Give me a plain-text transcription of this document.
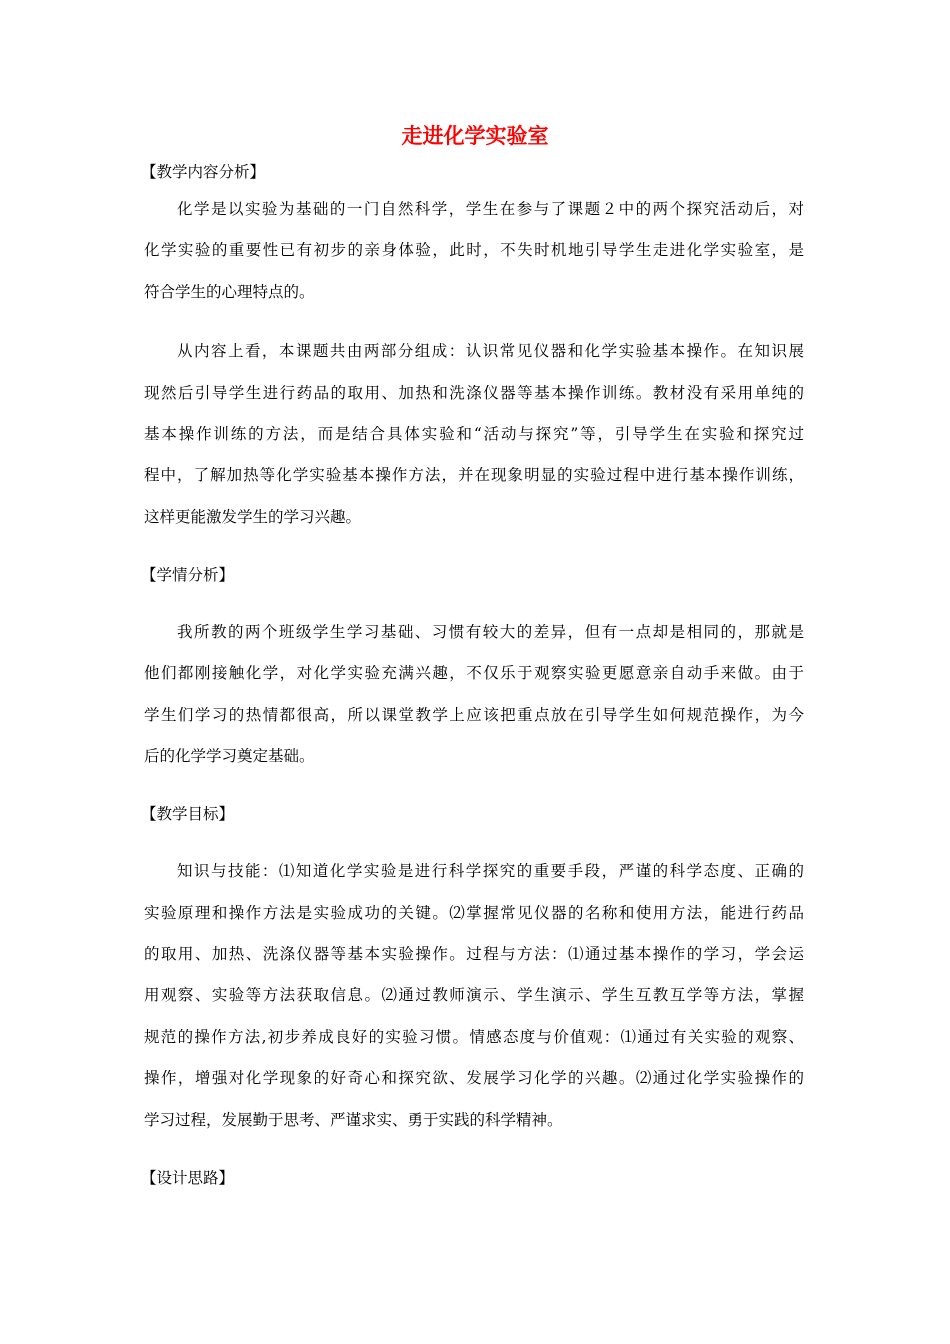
走进化学实验室
【教学内容分析】
化学是以实验为基础的一门自然科学，学生在参与了课题２中的两个探究活动后，对
化学实验的重要性已有初步的亲身体验，此时，不失时机地引导学生走进化学实验室，是
符合学生的心理特点的。
从内容上看，本课题共由两部分组成：认识常见仪器和化学实验基本操作。在知识展
现然后引导学生进行药品的取用、加热和洗涤仪器等基本操作训练。教材没有采用单纯的
基本操作训练的方法，而是结合具体实验和“活动与探究”等，引导学生在实验和探究过
程中，了解加热等化学实验基本操作方法，并在现象明显的实验过程中进行基本操作训练，
这样更能激发学生的学习兴趣。
【学情分析】
我所教的两个班级学生学习基础、习惯有较大的差异，但有一点却是相同的，那就是
他们都刚接触化学，对化学实验充满兴趣，不仅乐于观察实验更愿意亲自动手来做。由于
学生们学习的热情都很高，所以课堂教学上应该把重点放在引导学生如何规范操作，为今
后的化学学习奠定基础。
【教学目标】
知识与技能：⑴知道化学实验是进行科学探究的重要手段，严谨的科学态度、正确的
实验原理和操作方法是实验成功的关键。⑵掌握常见仪器的名称和使用方法，能进行药品
的取用、加热、洗涤仪器等基本实验操作。过程与方法：⑴通过基本操作的学习，学会运
用观察、实验等方法获取信息。⑵通过教师演示、学生演示、学生互教互学等方法，掌握
规范的操作方法,初步养成良好的实验习惯。情感态度与价值观：⑴通过有关实验的观察、
操作，增强对化学现象的好奇心和探究欲、发展学习化学的兴趣。⑵通过化学实验操作的
学习过程，发展勤于思考、严谨求实、勇于实践的科学精神。
【设计思路】
